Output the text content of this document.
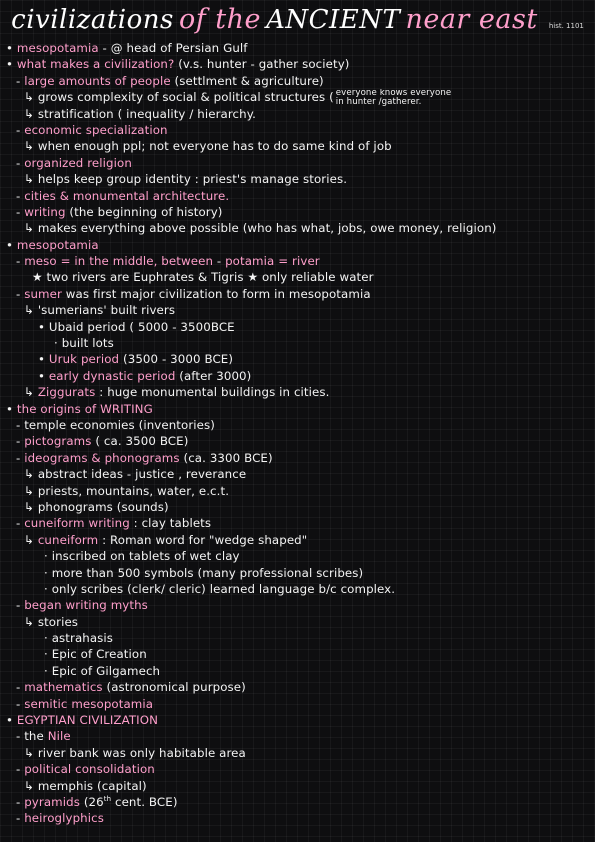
civilizations of the ANCIENT near east hist. 1101
• mesopotamia - @ head of Persian Gulf
• what makes a civilization? (v.s. hunter - gather society)
- large amounts of people (settlment & agriculture)
↳ grows complexity of social & political structures ( everyone knows everyone
in hunter /gatherer.
↳ stratification ( inequality / hierarchy.
- economic specialization
↳ when enough ppl; not everyone has to do same kind of job
- organized religion
↳ helps keep group identity : priest's manage stories.
- cities & monumental architecture.
- writing (the beginning of history)
↳ makes everything above possible (who has what, jobs, owe money, religion)
• mesopotamia
- meso = in the middle, between - potamia = river
★ two rivers are Euphrates & Tigris ★ only reliable water
- sumer was first major civilization to form in mesopotamia
↳ 'sumerians' built rivers
• Ubaid period ( 5000 - 3500BCE
· built lots
• Uruk period (3500 - 3000 BCE)
• early dynastic period (after 3000)
↳ Ziggurats : huge monumental buildings in cities.
• the origins of WRITING
- temple economies (inventories)
- pictograms ( ca. 3500 BCE)
- ideograms & phonograms (ca. 3300 BCE)
↳ abstract ideas - justice , reverance
↳ priests, mountains, water, e.c.t.
↳ phonograms (sounds)
- cuneiform writing : clay tablets
↳ cuneiform : Roman word for "wedge shaped"
· inscribed on tablets of wet clay
· more than 500 symbols (many professional scribes)
· only scribes (clerk/ cleric) learned language b/c complex.
- began writing myths
↳ stories
· astrahasis
· Epic of Creation
· Epic of Gilgamech
- mathematics (astronomical purpose)
- semitic mesopotamia
• EGYPTIAN CIVILIZATION
- the Nile
↳ river bank was only habitable area
- political consolidation
↳ memphis (capital)
- pyramids (26th cent. BCE)
- heiroglyphics
